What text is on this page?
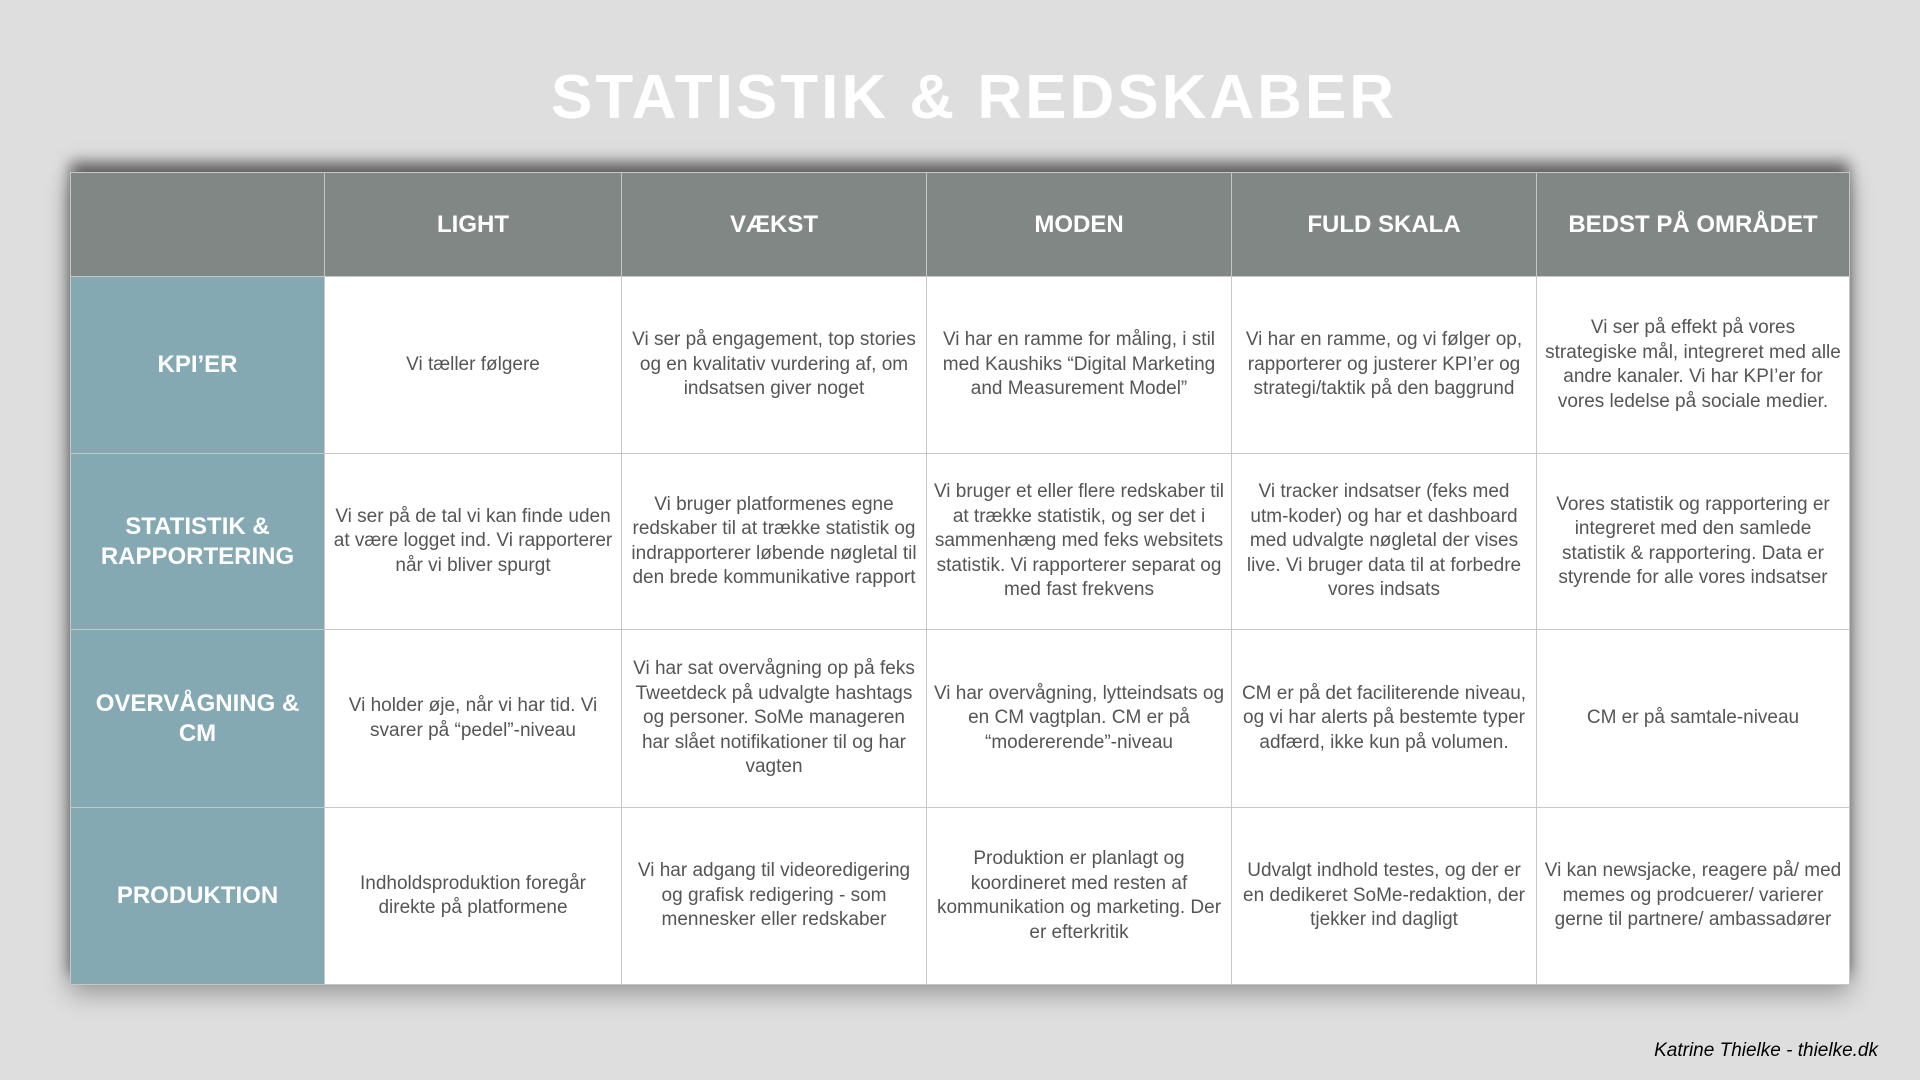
STATISTIK & REDSKABER
	LIGHT	VÆKST	MODEN	FULD SKALA	BEDST PÅ OMRÅDET
KPI’ER	Vi tæller følgere	Vi ser på engagement, top stories og en kvalitativ vurdering af, om indsatsen giver noget	Vi har en ramme for måling, i stil med Kaushiks “Digital Marketing and Measurement Model”	Vi har en ramme, og vi følger op, rapporterer og justerer KPI’er og strategi/taktik på den baggrund	Vi ser på effekt på vores strategiske mål, integreret med alle andre kanaler. Vi har KPI’er for vores ledelse på sociale medier.
STATISTIK & RAPPORTERING	Vi ser på de tal vi kan finde uden at være logget ind. Vi rapporterer når vi bliver spurgt	Vi bruger platformenes egne redskaber til at trække statistik og indrapporterer løbende nøgletal til den brede kommunikative rapport	Vi bruger et eller flere redskaber til at trække statistik, og ser det i sammenhæng med feks websitets statistik. Vi rapporterer separat og med fast frekvens	Vi tracker indsatser (feks med utm-koder) og har et dashboard med udvalgte nøgletal der vises live. Vi bruger data til at forbedre vores indsats	Vores statistik og rapportering er integreret med den samlede statistik & rapportering. Data er styrende for alle vores indsatser
OVERVÅGNING & CM	Vi holder øje, når vi har tid. Vi svarer på “pedel”-niveau	Vi har sat overvågning op på feks Tweetdeck på udvalgte hashtags og personer. SoMe manageren har slået notifikationer til og har vagten	Vi har overvågning, lytteindsats og en CM vagtplan. CM er på “modererende”-niveau	CM er på det faciliterende niveau, og vi har alerts på bestemte typer adfærd, ikke kun på volumen.	CM er på samtale-niveau
PRODUKTION	Indholdsproduktion foregår direkte på platformene	Vi har adgang til videoredigering og grafisk redigering - som mennesker eller redskaber	Produktion er planlagt og koordineret med resten af kommunikation og marketing. Der er efterkritik	Udvalgt indhold testes, og der er en dedikeret SoMe-redaktion, der tjekker ind dagligt	Vi kan newsjacke, reagere på/ med memes og prodcuerer/ varierer gerne til partnere/ ambassadører
Katrine Thielke - thielke.dk
